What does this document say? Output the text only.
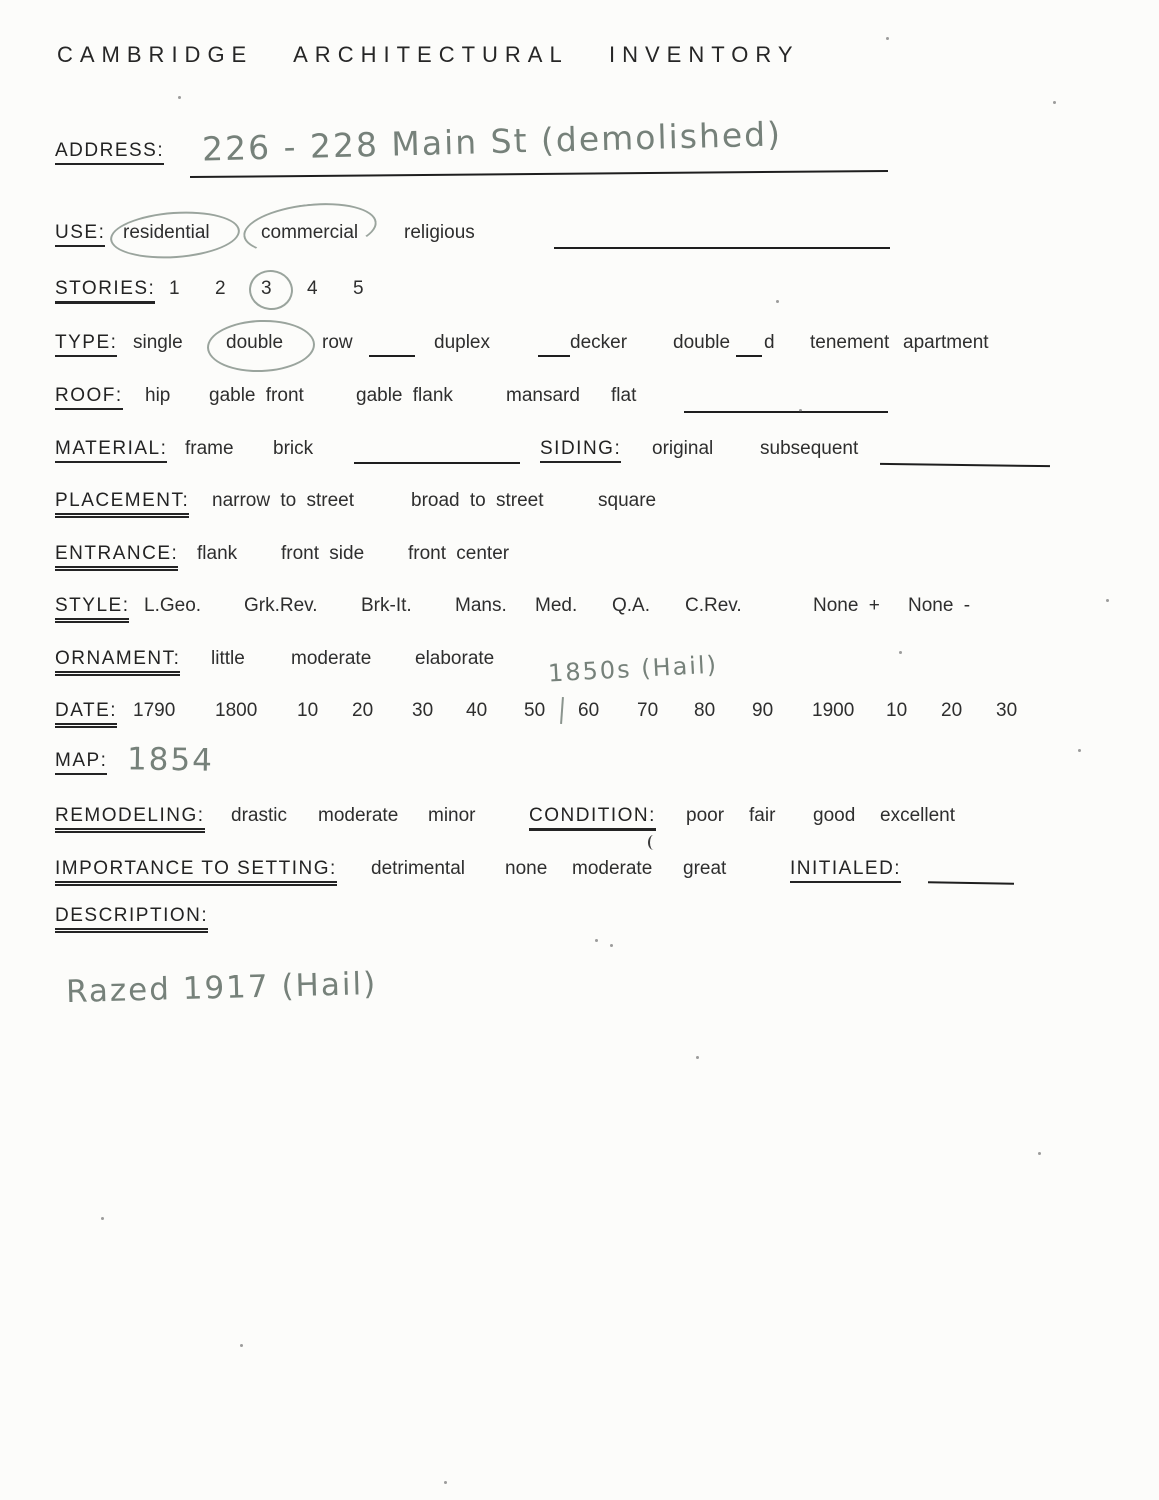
CAMBRIDGE ARCHITECTURAL INVENTORY
ADDRESS: 226 - 228 Main St (demolished)
USE: residential	commercial religious
STORIES: 1 2 3 4 5
TYPE: single double row	duplex	decker double d tenement apartment
ROOF: hip gable front	gable flank	mansard flat
MATERIAL: frame brick	SIDING: original subsequent
PLACEMENT: narrow to street	broad to street	square
ENTRANCE: flank front side front center
STYLE: L.Geo. Grk.Rev. Brk-It. Mans. Med. Q.A. C.Rev.	None + None -
ORNAMENT: little moderate elaborate 1850s (Hail)
DATE: 1790 1800 10 20 30 40 50 60 70 80 90 1900 10 20 30
MAP: 1854
REMODELING: drastic moderate minor	CONDITION: poor fair good excellent
IMPORTANCE TO SETTING: detrimental none moderate great	INITIALED:
DESCRIPTION:
Razed 1917 (Hail)
